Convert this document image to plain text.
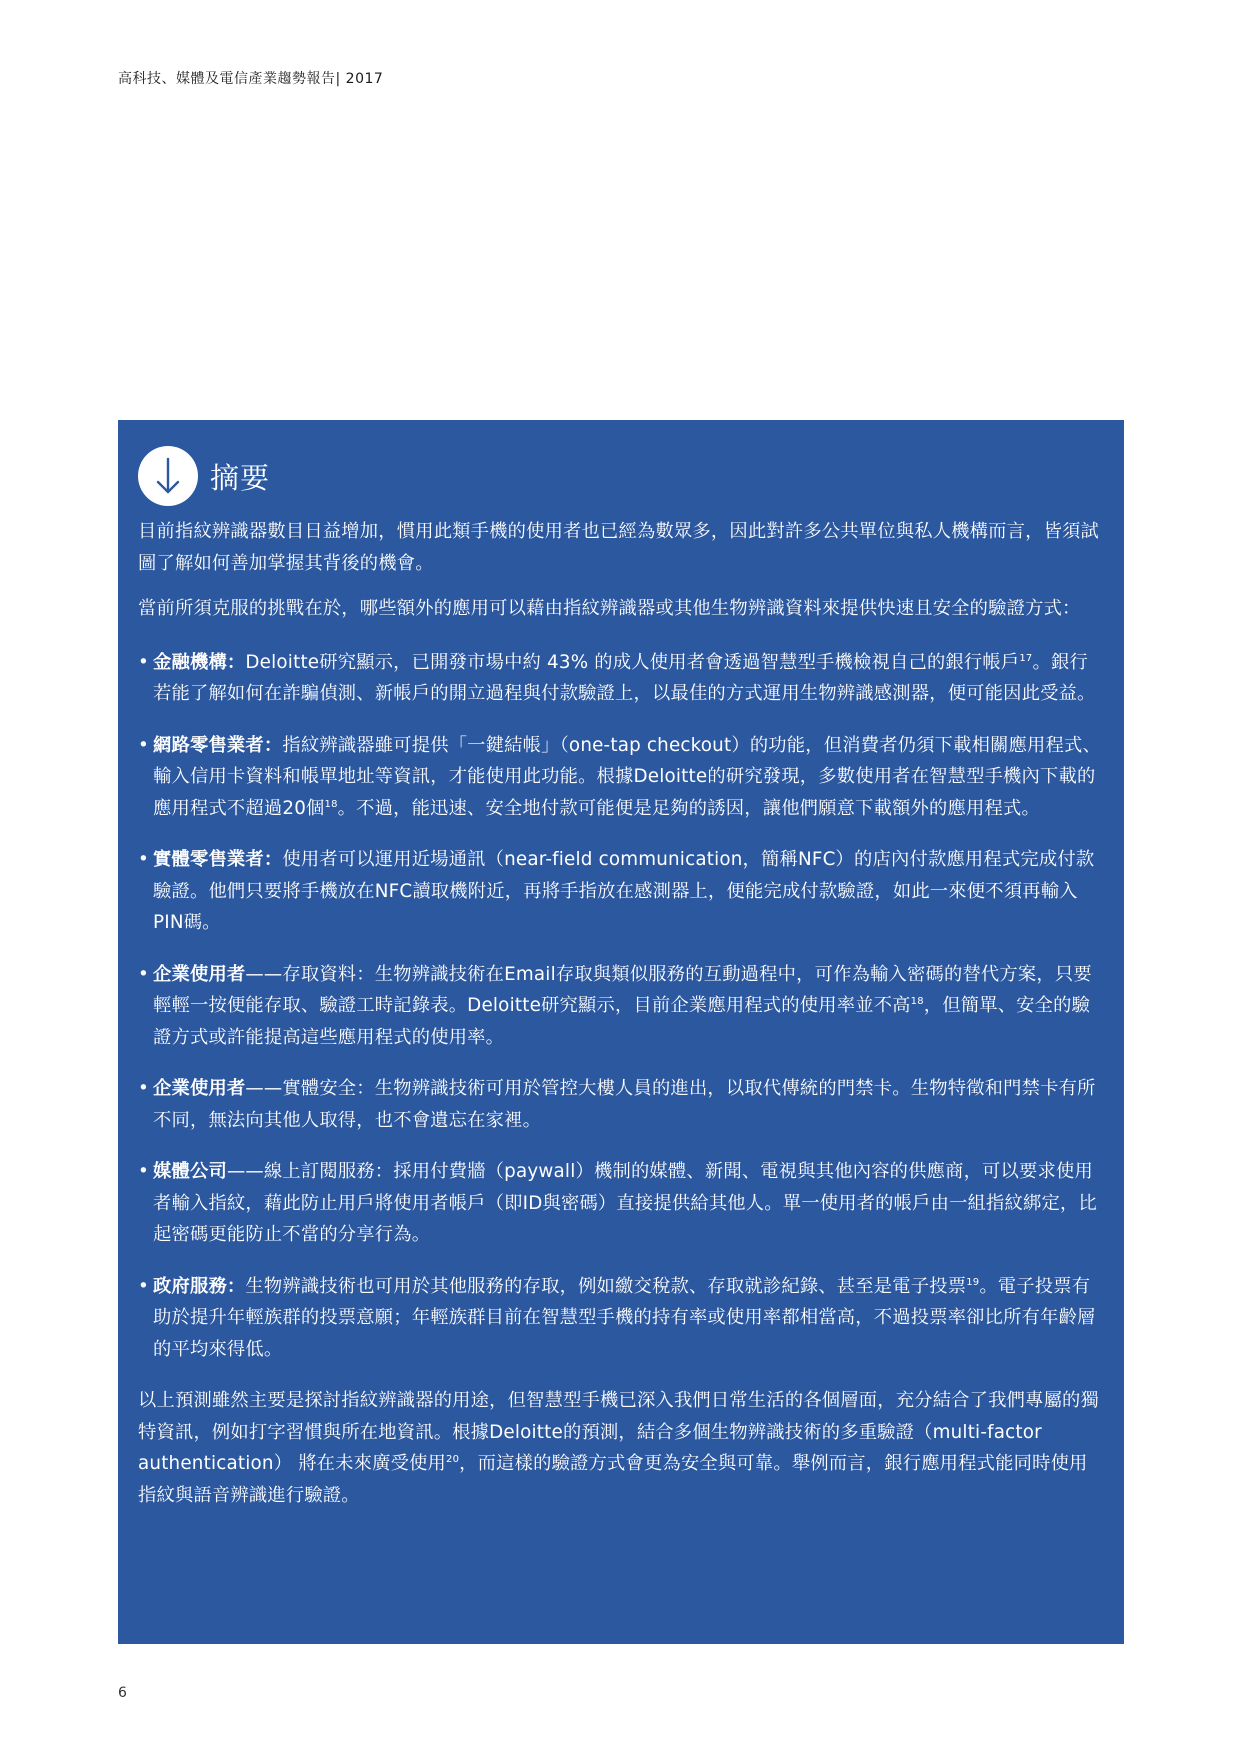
高科技、媒體及電信產業趨勢報告| 2017
摘要

目前指紋辨識器數目日益增加，慣用此類手機的使用者也已經為數眾多，因此對許多公共單位與私人機構而言，皆須試圖了解如何善加掌握其背後的機會。

當前所須克服的挑戰在於，哪些額外的應用可以藉由指紋辨識器或其他生物辨識資料來提供快速且安全的驗證方式：

• 金融機構：Deloitte研究顯示，已開發市場中約 43% 的成人使用者會透過智慧型手機檢視自己的銀行帳戶$^{17}$。銀行若能了解如何在詐騙偵測、新帳戶的開立過程與付款驗證上，以最佳的方式運用生物辨識感測器，便可能因此受益。
• 網路零售業者：指紋辨識器雖可提供「一鍵結帳」（one-tap checkout）的功能，但消費者仍須下載相關應用程式、輸入信用卡資料和帳單地址等資訊，才能使用此功能。根據Deloitte的研究發現，多數使用者在智慧型手機內下載的應用程式不超過20個$^{18}$。不過，能迅速、安全地付款可能便是足夠的誘因，讓他們願意下載額外的應用程式。
• 實體零售業者：使用者可以運用近場通訊（near-field communication，簡稱NFC）的店內付款應用程式完成付款驗證。他們只要將手機放在NFC讀取機附近，再將手指放在感測器上，便能完成付款驗證，如此一來便不須再輸入PIN碼。
• 企業使用者——存取資料：生物辨識技術在Email存取與類似服務的互動過程中，可作為輸入密碼的替代方案，只要輕輕一按便能存取、驗證工時記錄表。Deloitte研究顯示，目前企業應用程式的使用率並不高$^{18}$，但簡單、安全的驗證方式或許能提高這些應用程式的使用率。
• 企業使用者——實體安全：生物辨識技術可用於管控大樓人員的進出，以取代傳統的門禁卡。生物特徵和門禁卡有所不同，無法向其他人取得，也不會遺忘在家裡。
• 媒體公司——線上訂閱服務：採用付費牆（paywall）機制的媒體、新聞、電視與其他內容的供應商，可以要求使用者輸入指紋，藉此防止用戶將使用者帳戶（即ID與密碼）直接提供給其他人。單一使用者的帳戶由一組指紋綁定，比起密碼更能防止不當的分享行為。
• 政府服務：生物辨識技術也可用於其他服務的存取，例如繳交稅款、存取就診紀錄、甚至是電子投票$^{19}$。電子投票有助於提升年輕族群的投票意願；年輕族群目前在智慧型手機的持有率或使用率都相當高，不過投票率卻比所有年齡層的平均來得低。

以上預測雖然主要是探討指紋辨識器的用途，但智慧型手機已深入我們日常生活的各個層面，充分結合了我們專屬的獨特資訊，例如打字習慣與所在地資訊。根據Deloitte的預測，結合多個生物辨識技術的多重驗證（multi-factor authentication） 將在未來廣受使用$^{20}$，而這樣的驗證方式會更為安全與可靠。舉例而言，銀行應用程式能同時使用指紋與語音辨識進行驗證。

6
